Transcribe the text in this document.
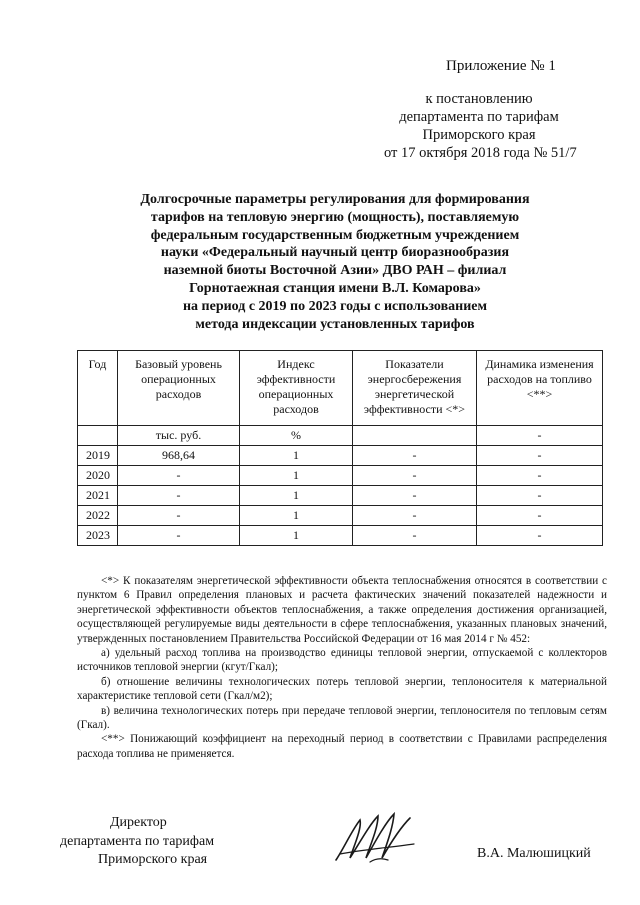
Приложение № 1
к постановлению
департамента по тарифам
Приморского края
от 17 октября 2018 года № 51/7
Долгосрочные параметры регулирования для формирования
тарифов на тепловую энергию (мощность), поставляемую
федеральным государственным бюджетным учреждением
науки «Федеральный научный центр биоразнообразия
наземной биоты Восточной Азии» ДВО РАН – филиал
Горнотаежная станция имени В.Л. Комарова»
на период с 2019 по 2023 годы с использованием
метода индексации установленных тарифов
Год	Базовый уровень операционных расходов	Индекс эффективности операционных расходов	Показатели энергосбережения энергетической эффективности <*>	Динамика изменения расходов на топливо <**>
	тыс. руб.	%		-
2019	968,64	1	-	-
2020	-	1	-	-
2021	-	1	-	-
2022	-	1	-	-
2023	-	1	-	-

<*> К показателям энергетической эффективности объекта теплоснабжения относятся в соответствии с пунктом 6 Правил определения плановых и расчета фактических значений показателей надежности и энергетической эффективности объектов теплоснабжения, а также определения достижения организацией, осуществляющей регулируемые виды деятельности в сфере теплоснабжения, указанных плановых значений, утвержденных постановлением Правительства Российской Федерации от 16 мая 2014 г № 452:

а) удельный расход топлива на производство единицы тепловой энергии, отпускаемой с коллекторов источников тепловой энергии (кгут/Гкал);

б) отношение величины технологических потерь тепловой энергии, теплоносителя к материальной характеристике тепловой сети (Гкал/м2);

в) величина технологических потерь при передаче тепловой энергии, теплоносителя по тепловым сетям (Гкал).

<**> Понижающий коэффициент на переходный период в соответствии с Правилами распределения расхода топлива не применяется.

Директор
департамента по тарифам
Приморского края	В.А. Малюшицкий
